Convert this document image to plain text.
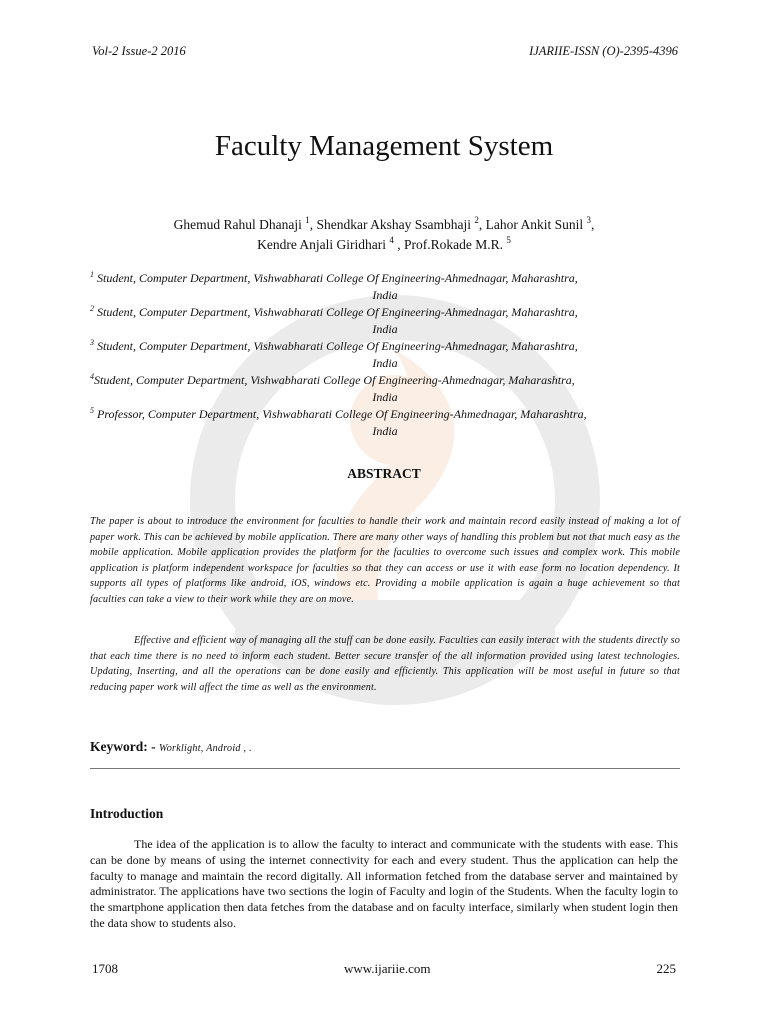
Vol-2 Issue-2 2016	IJARIIE-ISSN (O)-2395-4396
Faculty Management System
Ghemud Rahul Dhanaji $^1$, Shendkar Akshay Ssambhaji $^2$, Lahor Ankit Sunil $^3$,
Kendre Anjali Giridhari $^4$ , Prof.Rokade M.R. $^5$
$^1$ Student, Computer Department, Vishwabharati College Of Engineering-Ahmednagar, Maharashtra,
India
$^2$ Student, Computer Department, Vishwabharati College Of Engineering-Ahmednagar, Maharashtra,
India
$^3$ Student, Computer Department, Vishwabharati College Of Engineering-Ahmednagar, Maharashtra,
India
$^4$Student, Computer Department, Vishwabharati College Of Engineering-Ahmednagar, Maharashtra,
India
$^5$ Professor, Computer Department, Vishwabharati College Of Engineering-Ahmednagar, Maharashtra,
India
ABSTRACT

The paper is about to introduce the environment for faculties to handle their work and maintain record easily instead of making a lot of paper work. This can be achieved by mobile application. There are many other ways of handling this problem but not that much easy as the mobile application. Mobile application provides the platform for the faculties to overcome such issues and complex work. This mobile application is platform independent workspace for faculties so that they can access or use it with ease form no location dependency. It supports all types of platforms like android, iOS, windows etc. Providing a mobile application is again a huge achievement so that faculties can take a view to their work while they are on move.

Effective and efficient way of managing all the stuff can be done easily. Faculties can easily interact with the students directly so that each time there is no need to inform each student. Better secure transfer of the all information provided using latest technologies. Updating, Inserting, and all the operations can be done easily and efficiently. This application will be most useful in future so that reducing paper work will affect the time as well as the environment.

Keyword: - Worklight, Android , .
Introduction

The idea of the application is to allow the faculty to interact and communicate with the students with ease. This can be done by means of using the internet connectivity for each and every student. Thus the application can help the faculty to manage and maintain the record digitally. All information fetched from the database server and maintained by administrator. The applications have two sections the login of Faculty and login of the Students. When the faculty login to the smartphone application then data fetches from the database and on faculty interface, similarly when student login then the data show to students also.

1708	www.ijariie.com	225
